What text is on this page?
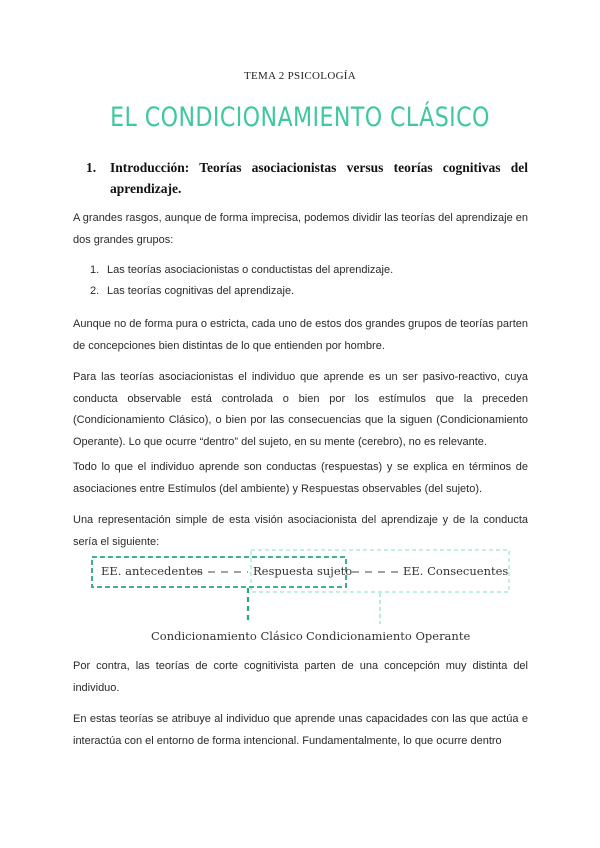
TEMA 2 PSICOLOGÍA
EL CONDICIONAMIENTO CLÁSICO
1. Introducción: Teorías asociacionistas versus teorías cognitivas del aprendizaje.
A grandes rasgos, aunque de forma imprecisa, podemos dividir las teorías del aprendizaje en dos grandes grupos:
1. Las teorías asociacionistas o conductistas del aprendizaje.
2. Las teorías cognitivas del aprendizaje.
Aunque no de forma pura o estricta, cada uno de estos dos grandes grupos de teorías parten de concepciones bien distintas de lo que entienden por hombre.
Para las teorías asociacionistas el individuo que aprende es un ser pasivo-reactivo, cuya conducta observable está controlada o bien por los estímulos que la preceden (Condicionamiento Clásico), o bien por las consecuencias que la siguen (Condicionamiento Operante). Lo que ocurre “dentro” del sujeto, en su mente (cerebro), no es relevante.
Todo lo que el individuo aprende son conductas (respuestas) y se explica en términos de asociaciones entre Estímulos (del ambiente) y Respuestas observables (del sujeto).
Una representación simple de esta visión asociacionista del aprendizaje y de la conducta sería el siguiente:
EE. antecedentes	Respuesta sujeto	EE. Consecuentes
Condicionamiento Clásico Condicionamiento Operante
Por contra, las teorías de corte cognitivista parten de una concepción muy distinta del individuo.
En estas teorías se atribuye al individuo que aprende unas capacidades con las que actúa e interactúa con el entorno de forma intencional. Fundamentalmente, lo que ocurre dentro
